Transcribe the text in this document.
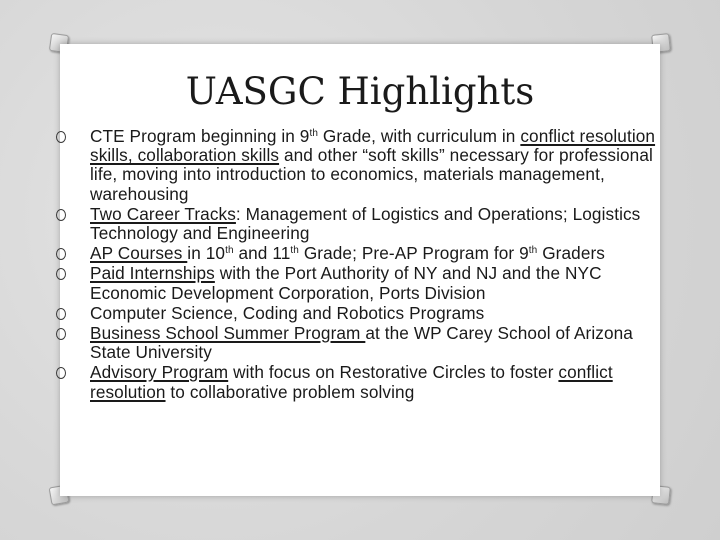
UASGC Highlights
CTE Program beginning in 9th Grade, with curriculum in conflict resolution skills, collaboration skills and other “soft skills” necessary for professional life, moving into introduction to economics, materials management, warehousing
Two Career Tracks: Management of Logistics and Operations; Logistics Technology and Engineering
AP Courses in 10th and 11th Grade; Pre-AP Program for 9th Graders
Paid Internships with the Port Authority of NY and NJ and the NYC Economic Development Corporation, Ports Division
Computer Science, Coding and Robotics Programs
Business School Summer Program at the WP Carey School of Arizona State University
Advisory Program with focus on Restorative Circles to foster conflict resolution to collaborative problem solving
